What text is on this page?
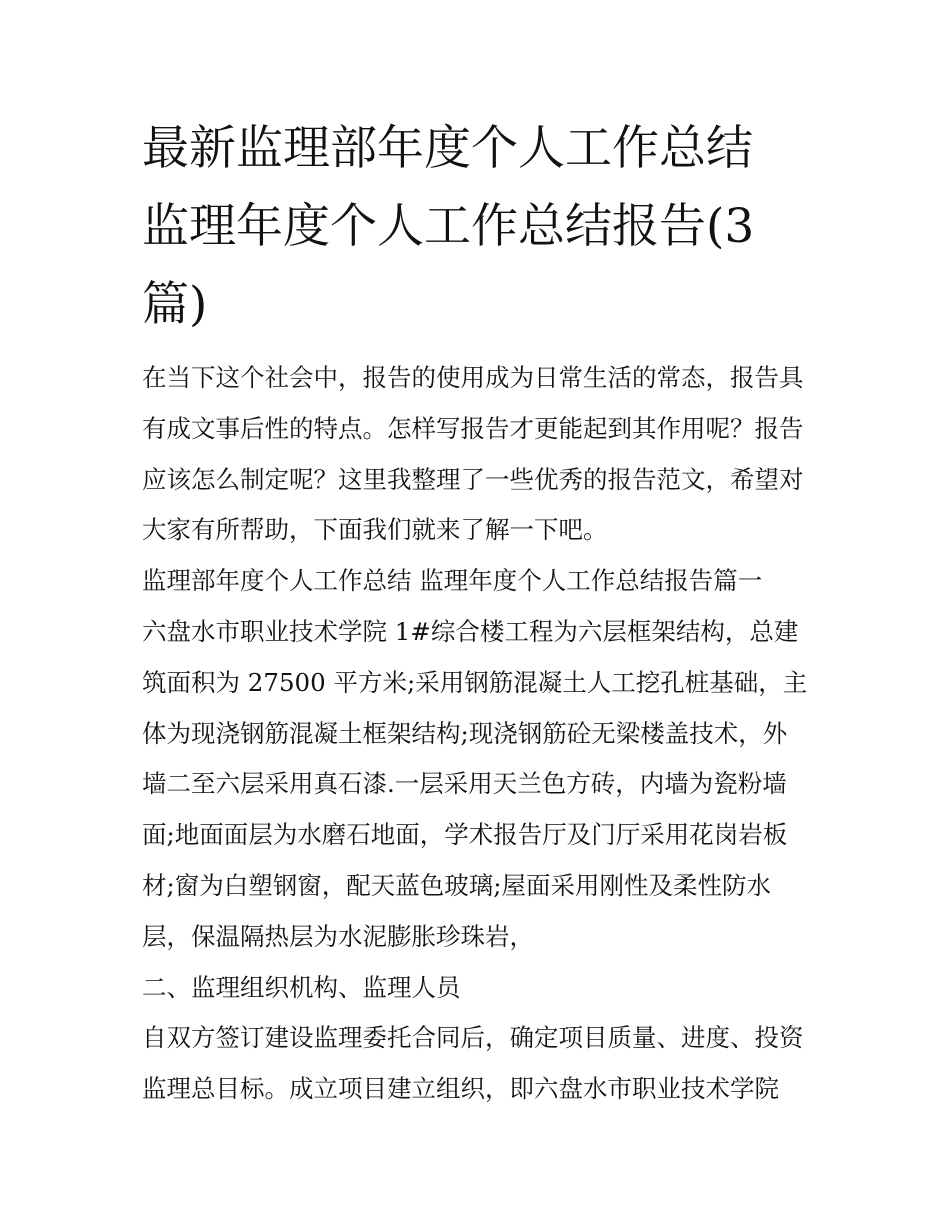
最新监理部年度个人工作总结
监理年度个人工作总结报告(3
篇)
在当下这个社会中，报告的使用成为日常生活的常态，报告具
有成文事后性的特点。怎样写报告才更能起到其作用呢？报告
应该怎么制定呢？这里我整理了一些优秀的报告范文，希望对
大家有所帮助，下面我们就来了解一下吧。
监理部年度个人工作总结 监理年度个人工作总结报告篇一
六盘水市职业技术学院 1#综合楼工程为六层框架结构，总建
筑面积为 27500 平方米;采用钢筋混凝土人工挖孔桩基础，主
体为现浇钢筋混凝土框架结构;现浇钢筋砼无梁楼盖技术，外
墙二至六层采用真石漆.一层采用天兰色方砖，内墙为瓷粉墙
面;地面面层为水磨石地面，学术报告厅及门厅采用花岗岩板
材;窗为白塑钢窗，配天蓝色玻璃;屋面采用刚性及柔性防水
层，保温隔热层为水泥膨胀珍珠岩，
二、监理组织机构、监理人员
自双方签订建设监理委托合同后，确定项目质量、进度、投资
监理总目标。成立项目建立组织，即六盘水市职业技术学院
